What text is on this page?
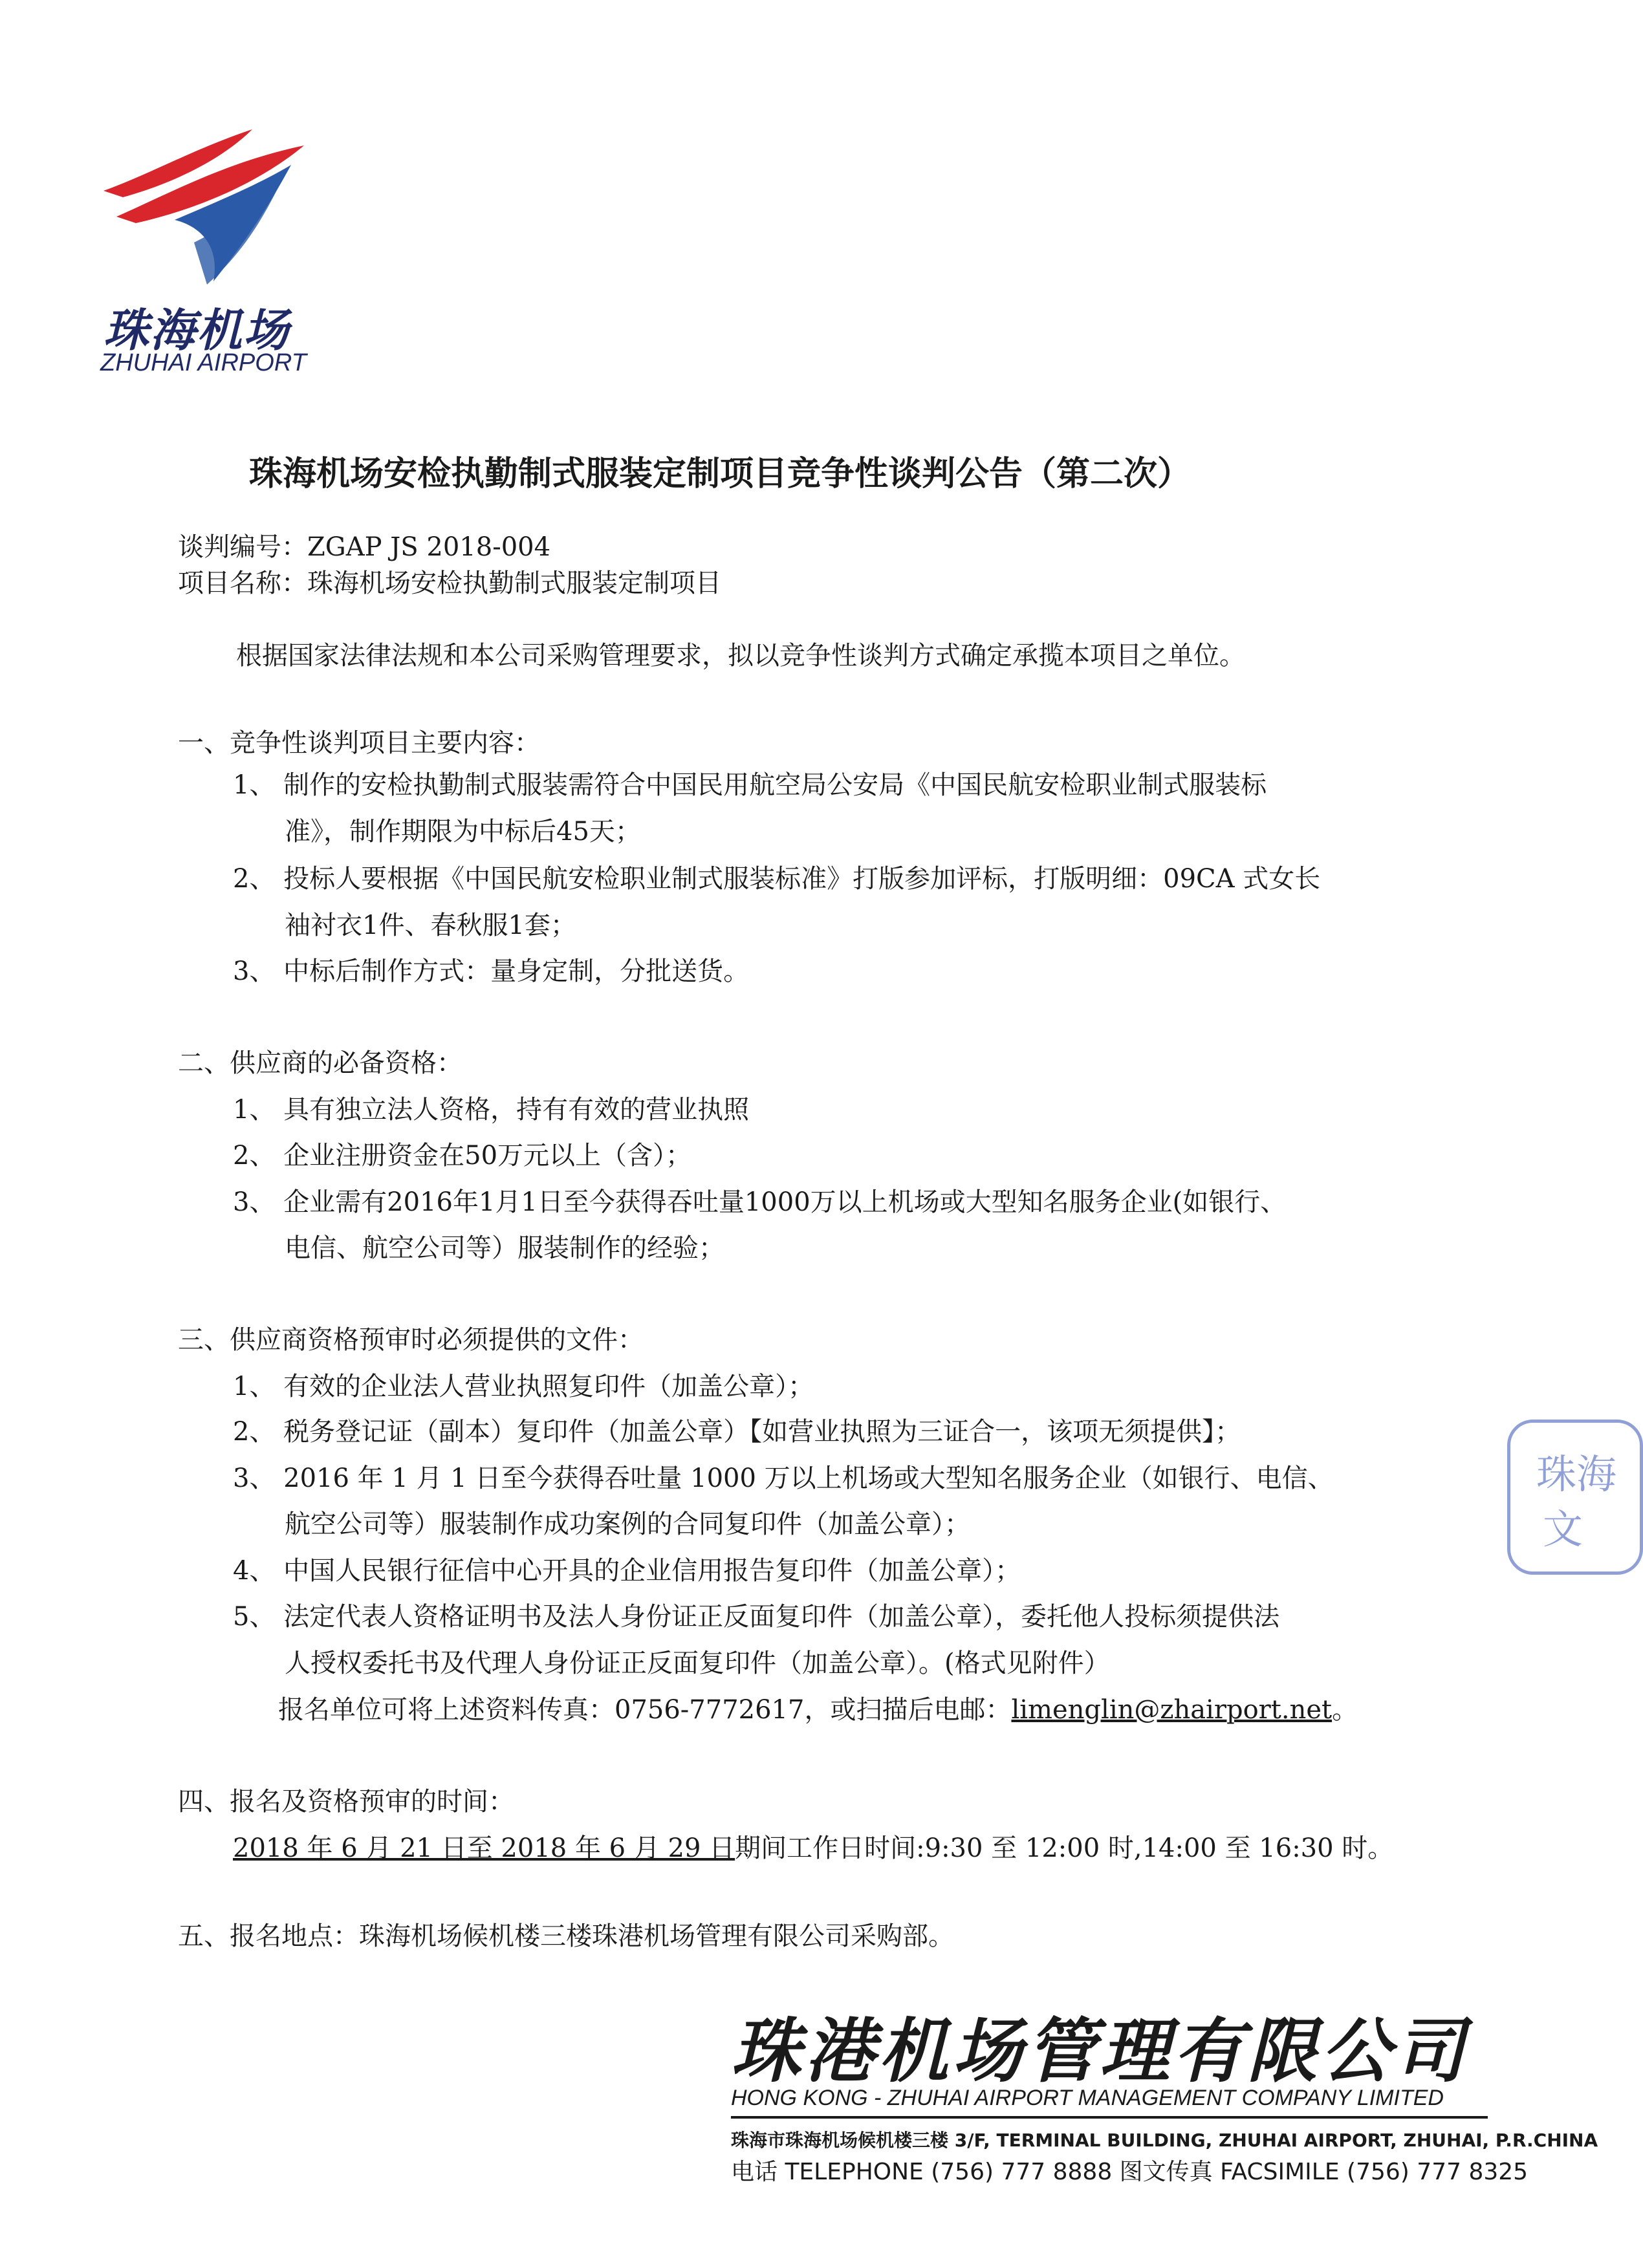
珠海机场
ZHUHAI AIRPORT
珠海机场安检执勤制式服装定制项目竞争性谈判公告（第二次）
谈判编号：ZGAP JS 2018-004
项目名称：珠海机场安检执勤制式服装定制项目
根据国家法律法规和本公司采购管理要求，拟以竞争性谈判方式确定承揽本项目之单位。
一、竞争性谈判项目主要内容：
1、 制作的安检执勤制式服装需符合中国民用航空局公安局《中国民航安检职业制式服装标
准》，制作期限为中标后45天；
2、 投标人要根据《中国民航安检职业制式服装标准》打版参加评标，打版明细：09CA 式女长
袖衬衣1件、春秋服1套；
3、 中标后制作方式：量身定制，分批送货。
二、供应商的必备资格：
1、 具有独立法人资格，持有有效的营业执照
2、 企业注册资金在50万元以上（含）；
3、 企业需有2016年1月1日至今获得吞吐量1000万以上机场或大型知名服务企业(如银行、
电信、航空公司等）服装制作的经验；
三、供应商资格预审时必须提供的文件：
1、 有效的企业法人营业执照复印件（加盖公章）；
2、 税务登记证（副本）复印件（加盖公章）【如营业执照为三证合一，该项无须提供】；
3、 2016 年 1 月 1 日至今获得吞吐量 1000 万以上机场或大型知名服务企业（如银行、电信、
航空公司等）服装制作成功案例的合同复印件（加盖公章）；
4、 中国人民银行征信中心开具的企业信用报告复印件（加盖公章）；
5、 法定代表人资格证明书及法人身份证正反面复印件（加盖公章），委托他人投标须提供法
人授权委托书及代理人身份证正反面复印件（加盖公章）。(格式见附件）
报名单位可将上述资料传真：0756-7772617，或扫描后电邮：limenglin@zhairport.net。
四、报名及资格预审的时间：
2018 年 6 月 21 日至 2018 年 6 月 29 日期间工作日时间:9:30 至 12:00 时,14:00 至 16:30 时。
五、报名地点：珠海机场候机楼三楼珠港机场管理有限公司采购部。
珠海
文
珠港机场管理有限公司
HONG KONG - ZHUHAI AIRPORT MANAGEMENT COMPANY LIMITED
珠海市珠海机场候机楼三楼 3/F, TERMINAL BUILDING, ZHUHAI AIRPORT, ZHUHAI, P.R.CHINA
电话 TELEPHONE (756) 777 8888 图文传真 FACSIMILE (756) 777 8325
